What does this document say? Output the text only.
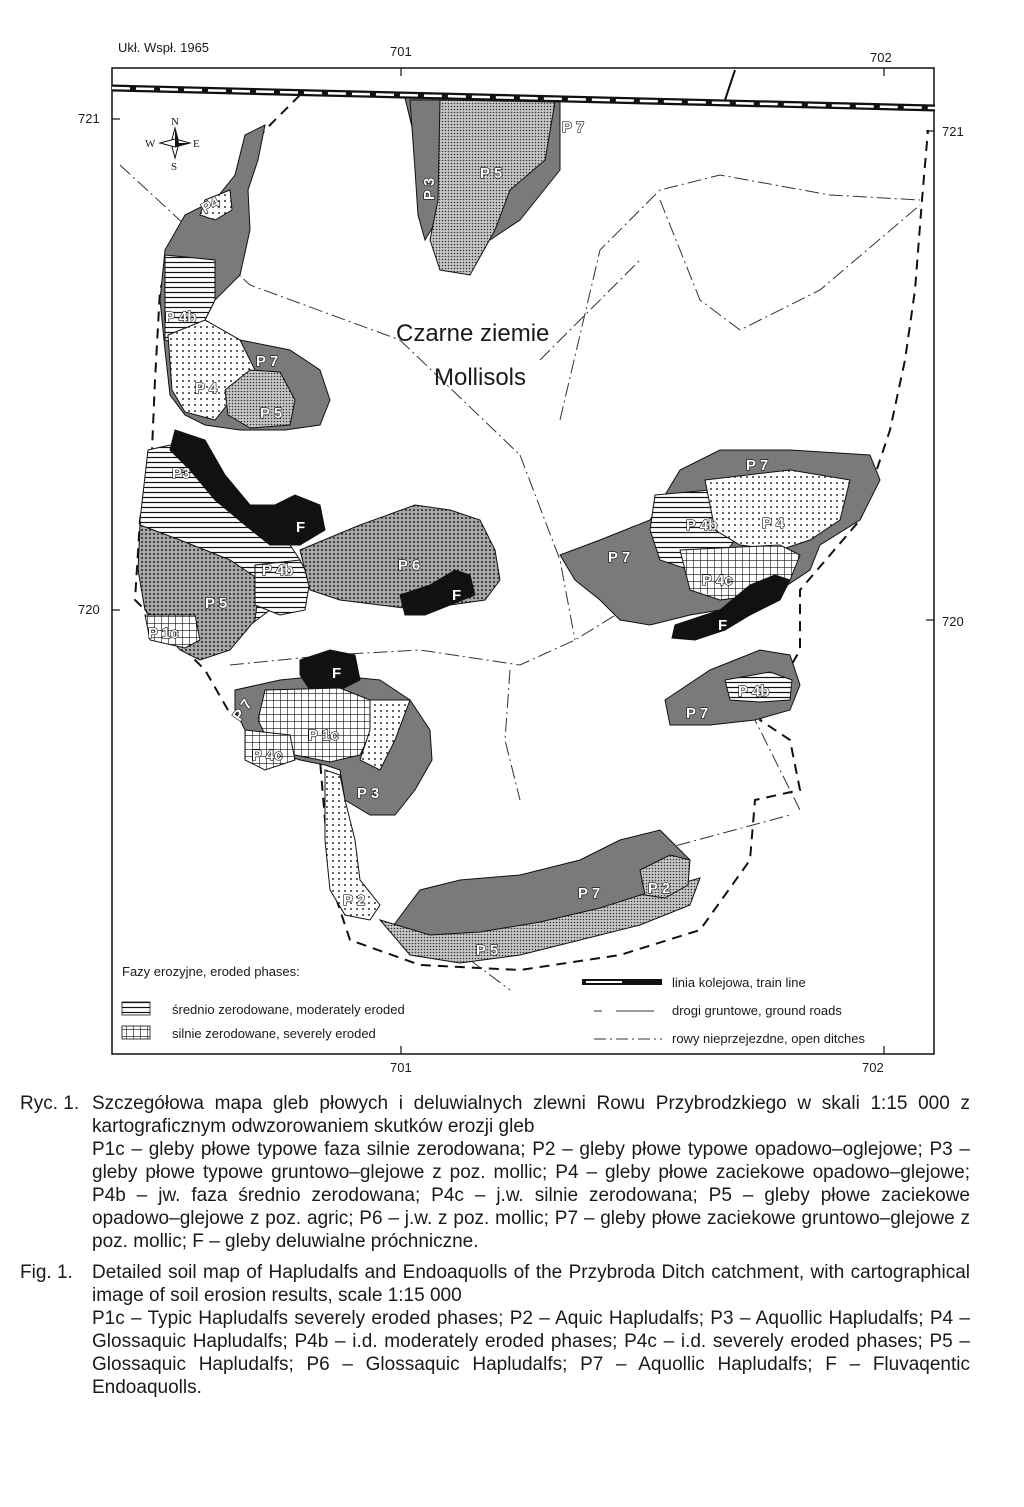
Ukł. Wspł. 1965	701	702
701	702
721
721
720
720
N
S
E
W
P 7
P 3
P 5
P4
P 4b
P 7
P 4
P 5
P3
F
P 4b	P 6
F
P 5
P 1c
P 7
P 4b	P 4
P 7
P 4c
F
P 4b
P 7
F
P 7
P 1c
P 4c
P 3
P 2	P 7	P 2
P 5
Czarne ziemie
Mollisols
Fazy erozyjne, eroded phases:
średnio zerodowane, moderately eroded
silnie zerodowane, severely eroded
linia kolejowa, train line
drogi gruntowe, ground roads
rowy nieprzejezdne, open ditches
Ryc. 1. Szczegółowa mapa gleb płowych i deluwialnych zlewni Rowu Przybrodzkiego w skali 1:15 000 z kartograficznym odwzorowaniem skutków erozji gleb
P1c – gleby płowe typowe faza silnie zerodowana; P2 – gleby płowe typowe opadowo–oglejowe; P3 – gleby płowe typowe gruntowo–glejowe z poz. mollic; P4 – gleby płowe zaciekowe opadowo–glejowe; P4b – jw. faza średnio zerodowana; P4c – j.w. silnie zerodowana; P5 – gleby płowe zaciekowe opadowo–glejowe z poz. agric; P6 – j.w. z poz. mollic; P7 – gleby płowe zaciekowe gruntowo–glejowe z poz. mollic; F – gleby deluwialne próchniczne.
Fig. 1.	Detailed soil map of Hapludalfs and Endoaquolls of the Przybroda Ditch catchment, with cartographical image of soil erosion results, scale 1:15 000
P1c – Typic Hapludalfs severely eroded phases; P2 – Aquic Hapludalfs; P3 – Aquollic Hapludalfs; P4 – Glossaquic Hapludalfs; P4b – i.d. moderately eroded phases; P4c – i.d. severely eroded phases; P5 – Glossaquic Hapludalfs; P6 – Glossaquic Hapludalfs; P7 – Aquollic Hapludalfs; F – Fluvaqentic Endoaquolls.
